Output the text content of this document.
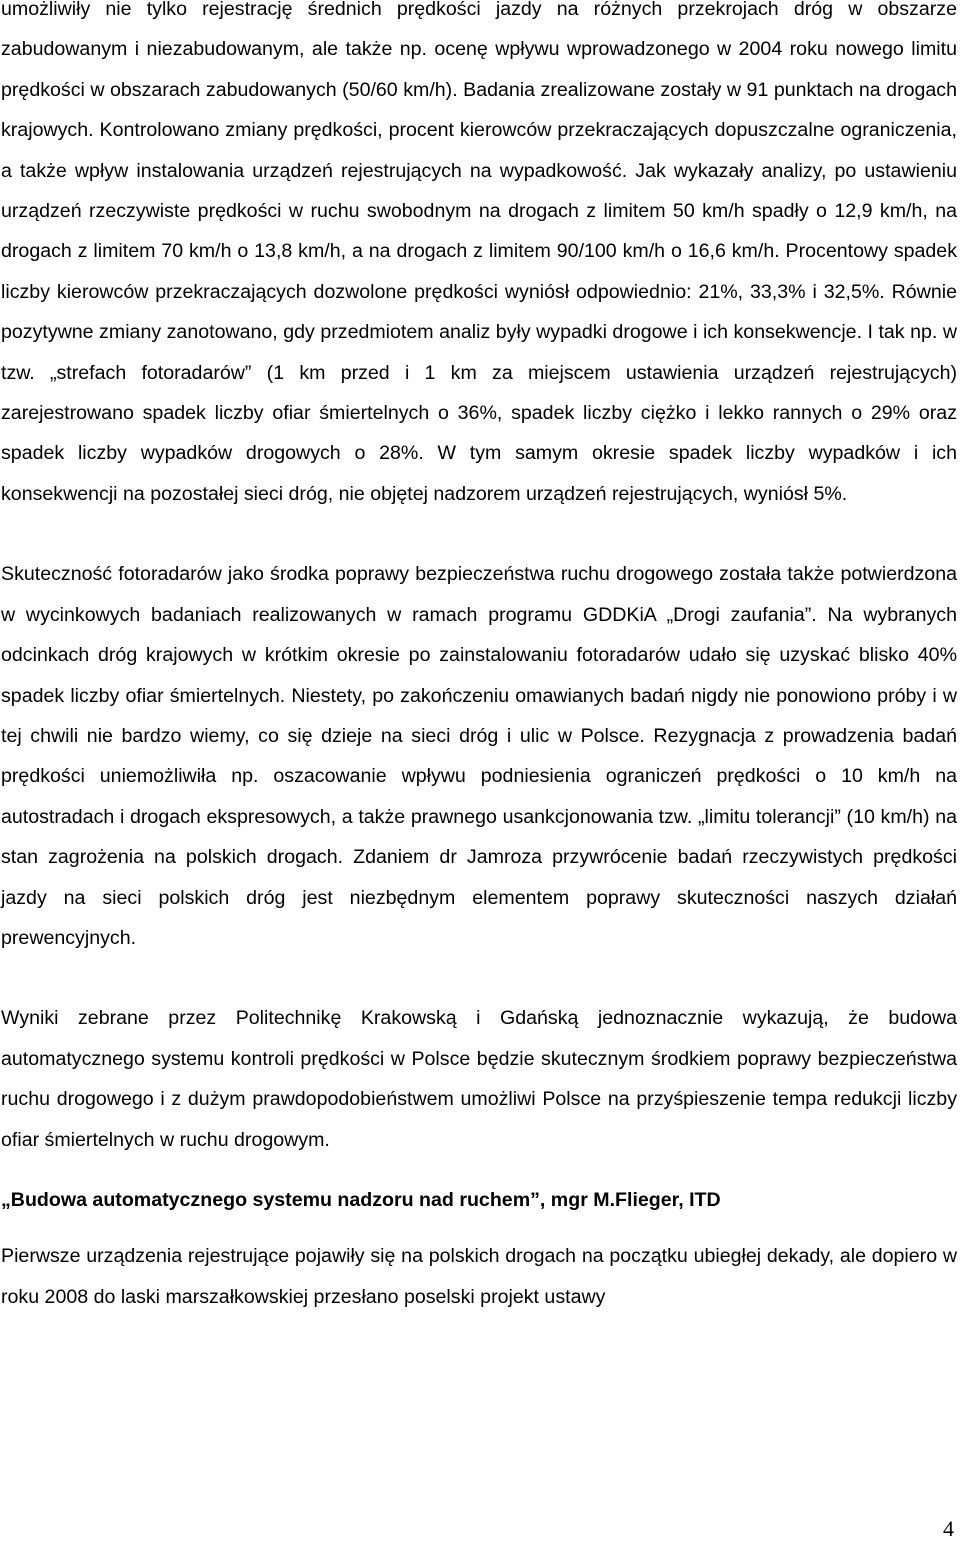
umożliwiły nie tylko rejestrację średnich prędkości jazdy na różnych przekrojach dróg w obszarze zabudowanym i niezabudowanym, ale także np. ocenę wpływu wprowadzonego w 2004 roku nowego limitu prędkości w obszarach zabudowanych (50/60 km/h). Badania zrealizowane zostały w 91 punktach na drogach krajowych. Kontrolowano zmiany prędkości, procent kierowców przekraczających dopuszczalne ograniczenia, a także wpływ instalowania urządzeń rejestrujących na wypadkowość. Jak wykazały analizy, po ustawieniu urządzeń rzeczywiste prędkości w ruchu swobodnym na drogach z limitem 50 km/h spadły o 12,9 km/h, na drogach z limitem 70 km/h o 13,8 km/h, a na drogach z limitem 90/100 km/h o 16,6 km/h. Procentowy spadek liczby kierowców przekraczających dozwolone prędkości wyniósł odpowiednio: 21%, 33,3% i 32,5%. Równie pozytywne zmiany zanotowano, gdy przedmiotem analiz były wypadki drogowe i ich konsekwencje. I tak np. w tzw. „strefach fotoradarów” (1 km przed i 1 km za miejscem ustawienia urządzeń rejestrujących) zarejestrowano spadek liczby ofiar śmiertelnych o 36%, spadek liczby ciężko i lekko rannych o 29% oraz spadek liczby wypadków drogowych o 28%. W tym samym okresie spadek liczby wypadków i ich konsekwencji na pozostałej sieci dróg, nie objętej nadzorem urządzeń rejestrujących, wyniósł 5%.

Skuteczność fotoradarów jako środka poprawy bezpieczeństwa ruchu drogowego została także potwierdzona w wycinkowych badaniach realizowanych w ramach programu GDDKiA „Drogi zaufania”. Na wybranych odcinkach dróg krajowych w krótkim okresie po zainstalowaniu fotoradarów udało się uzyskać blisko 40% spadek liczby ofiar śmiertelnych. Niestety, po zakończeniu omawianych badań nigdy nie ponowiono próby i w tej chwili nie bardzo wiemy, co się dzieje na sieci dróg i ulic w Polsce. Rezygnacja z prowadzenia badań prędkości uniemożliwiła np. oszacowanie wpływu podniesienia ograniczeń prędkości o 10 km/h na autostradach i drogach ekspresowych, a także prawnego usankcjonowania tzw. „limitu tolerancji” (10 km/h) na stan zagrożenia na polskich drogach. Zdaniem dr Jamroza przywrócenie badań rzeczywistych prędkości jazdy na sieci polskich dróg jest niezbędnym elementem poprawy skuteczności naszych działań prewencyjnych.

Wyniki zebrane przez Politechnikę Krakowską i Gdańską jednoznacznie wykazują, że budowa automatycznego systemu kontroli prędkości w Polsce będzie skutecznym środkiem poprawy bezpieczeństwa ruchu drogowego i z dużym prawdopodobieństwem umożliwi Polsce na przyśpieszenie tempa redukcji liczby ofiar śmiertelnych w ruchu drogowym.

„Budowa automatycznego systemu nadzoru nad ruchem”, mgr M.Flieger, ITD

Pierwsze urządzenia rejestrujące pojawiły się na polskich drogach na początku ubiegłej dekady, ale dopiero w roku 2008 do laski marszałkowskiej przesłano poselski projekt ustawy

4
